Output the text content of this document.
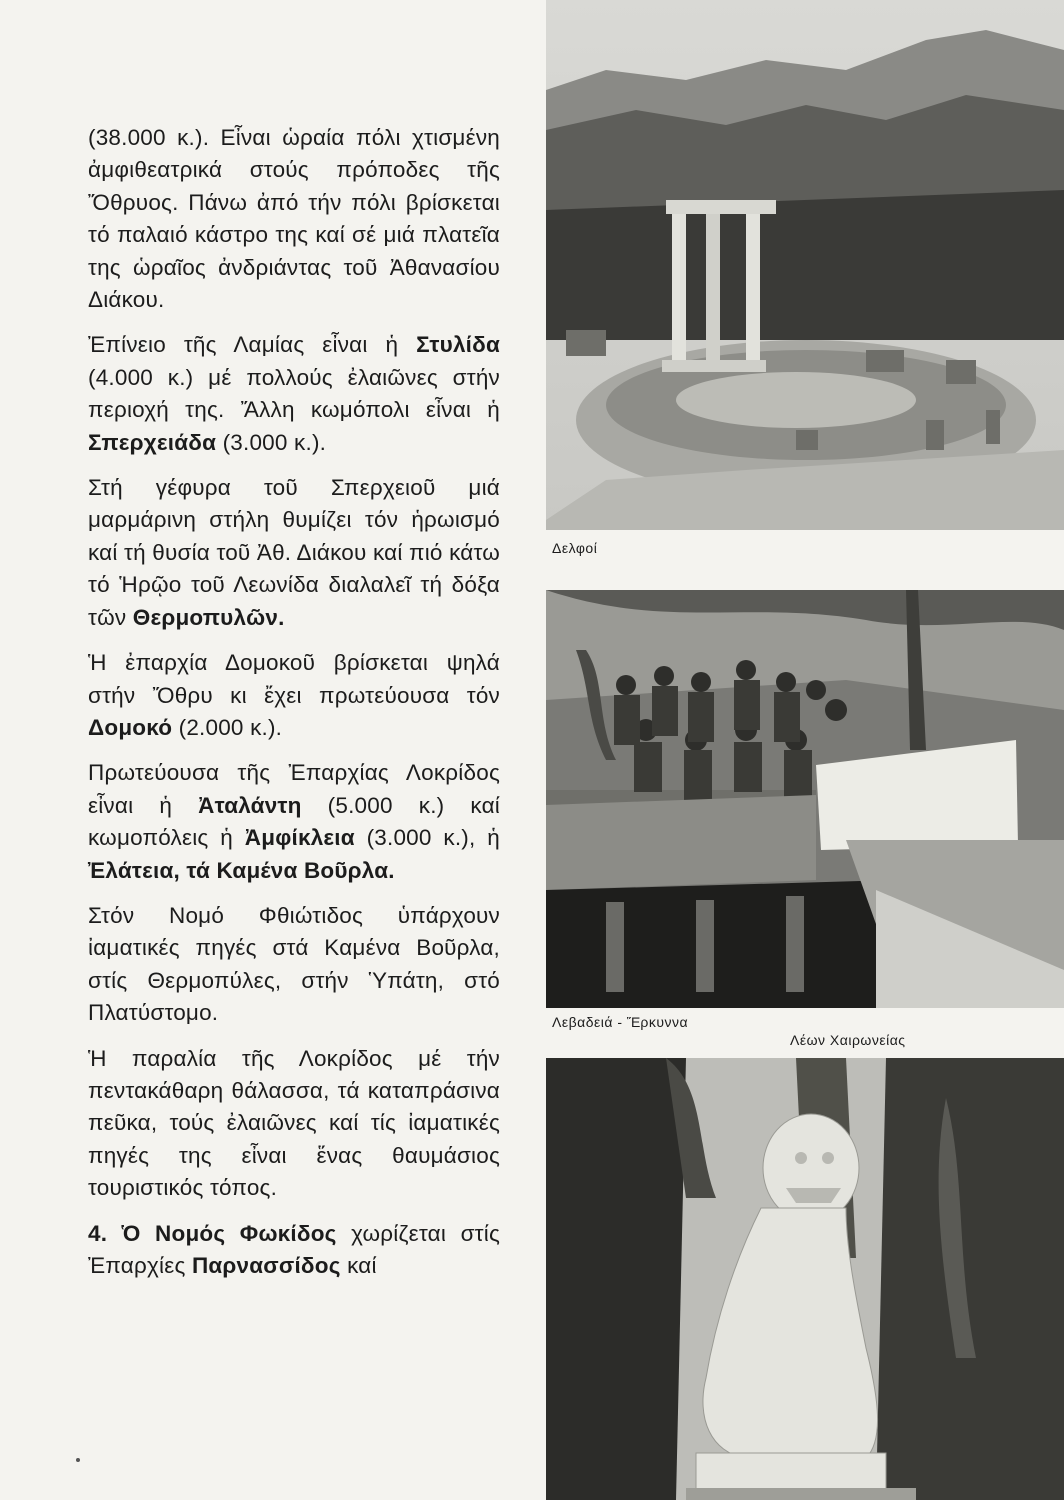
(38.000 κ.). Εἶναι ὡραία πόλι χτισμένη ἀμφιθεατρικά στούς πρόποδες τῆς Ὄθρυος. Πάνω ἀπό τήν πόλι βρίσκεται τό παλαιό κάστρο της καί σέ μιά πλατεῖα της ὡραῖος ἀνδριάντας τοῦ Ἀθανασίου Διάκου.

Ἐπίνειο τῆς Λαμίας εἶναι ἡ Στυλίδα (4.000 κ.) μέ πολλούς ἐλαιῶνες στήν περιοχή της. Ἄλλη κωμόπολι εἶναι ἡ Σπερχειάδα (3.000 κ.).

Στή γέφυρα τοῦ Σπερχειοῦ μιά μαρμάρινη στήλη θυμίζει τόν ἡρωισμό καί τή θυσία τοῦ Ἀθ. Διάκου καί πιό κάτω τό Ἡρῷο τοῦ Λεωνίδα διαλαλεῖ τή δόξα τῶν Θερμοπυλῶν.

Ἡ ἐπαρχία Δομοκοῦ βρίσκεται ψηλά στήν Ὄθρυ κι ἔχει πρωτεύουσα τόν Δομοκό (2.000 κ.).

Πρωτεύουσα τῆς Ἐπαρχίας Λοκρίδος εἶναι ἡ Ἀταλάντη (5.000 κ.) καί κωμοπόλεις ἡ Ἀμφίκλεια (3.000 κ.), ἡ Ἐλάτεια, τά Καμένα Βοῦρλα.

Στόν Νομό Φθιώτιδος ὑπάρχουν ἰαματικές πηγές στά Καμένα Βοῦρλα, στίς Θερμοπύλες, στήν Ὑπάτη, στό Πλατύστομο.

Ἡ παραλία τῆς Λοκρίδος μέ τήν πεντακάθαρη θάλασσα, τά καταπράσινα πεῦκα, τούς ἐλαιῶνες καί τίς ἰαματικές πηγές της εἶναι ἕνας θαυμάσιος τουριστικός τόπος.

4. Ὁ Νομός Φωκίδος χωρίζεται στίς Ἐπαρχίες Παρνασσίδος καί

Δελφοί
Λεβαδειά - Ἕρκυννα
Λέων Χαιρωνείας
